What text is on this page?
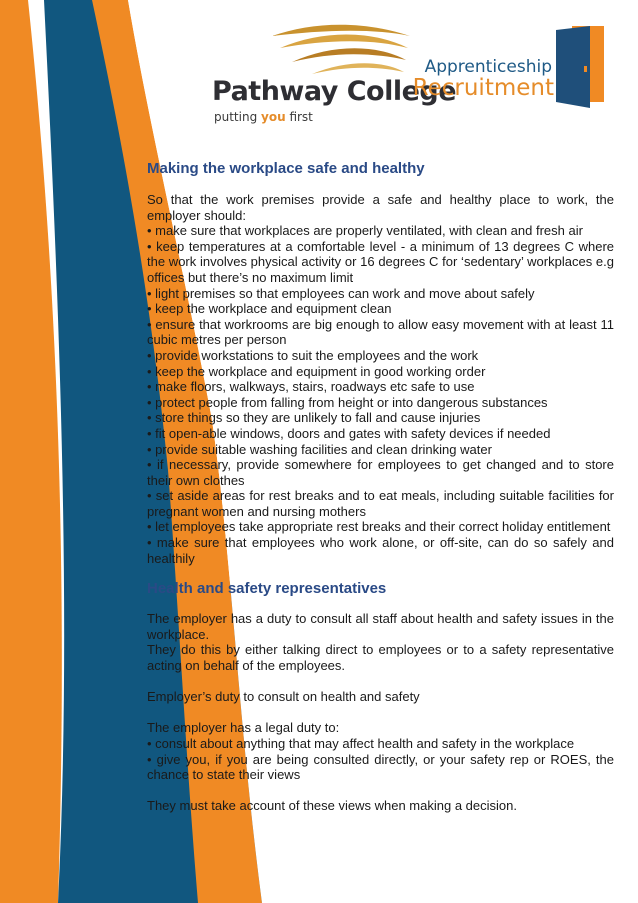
Pathway College
putting you first
Apprenticeship
Recruitment
Making the workplace safe and healthy

So that the work premises provide a safe and healthy place to work, the employer should:

• make sure that workplaces are properly ventilated, with clean and fresh air
• keep temperatures at a comfortable level - a minimum of 13 degrees C where the work involves physical activity or 16 degrees C for ‘sedentary’ workplaces e.g offices but there’s no maximum limit
• light premises so that employees can work and move about safely
• keep the workplace and equipment clean
• ensure that workrooms are big enough to allow easy movement with at least 11 cubic metres per person
• provide workstations to suit the employees and the work
• keep the workplace and equipment in good working order
• make floors, walkways, stairs, roadways etc safe to use
• protect people from falling from height or into dangerous substances
• store things so they are unlikely to fall and cause injuries
• fit open-able windows, doors and gates with safety devices if needed
• provide suitable washing facilities and clean drinking water
• if necessary, provide somewhere for employees to get changed and to store their own clothes
• set aside areas for rest breaks and to eat meals, including suitable facilities for pregnant women and nursing mothers
• let employees take appropriate rest breaks and their correct holiday entitlement
• make sure that employees who work alone, or off-site, can do so safely and healthily
Health and safety representatives

The employer has a duty to consult all staff about health and safety issues in the workplace.

They do this by either talking direct to employees or to a safety representative acting on behalf of the employees.

Employer’s duty to consult on health and safety

The employer has a legal duty to:

• consult about anything that may affect health and safety in the workplace
• give you, if you are being consulted directly, or your safety rep or ROES, the chance to state their views

They must take account of these views when making a decision.
